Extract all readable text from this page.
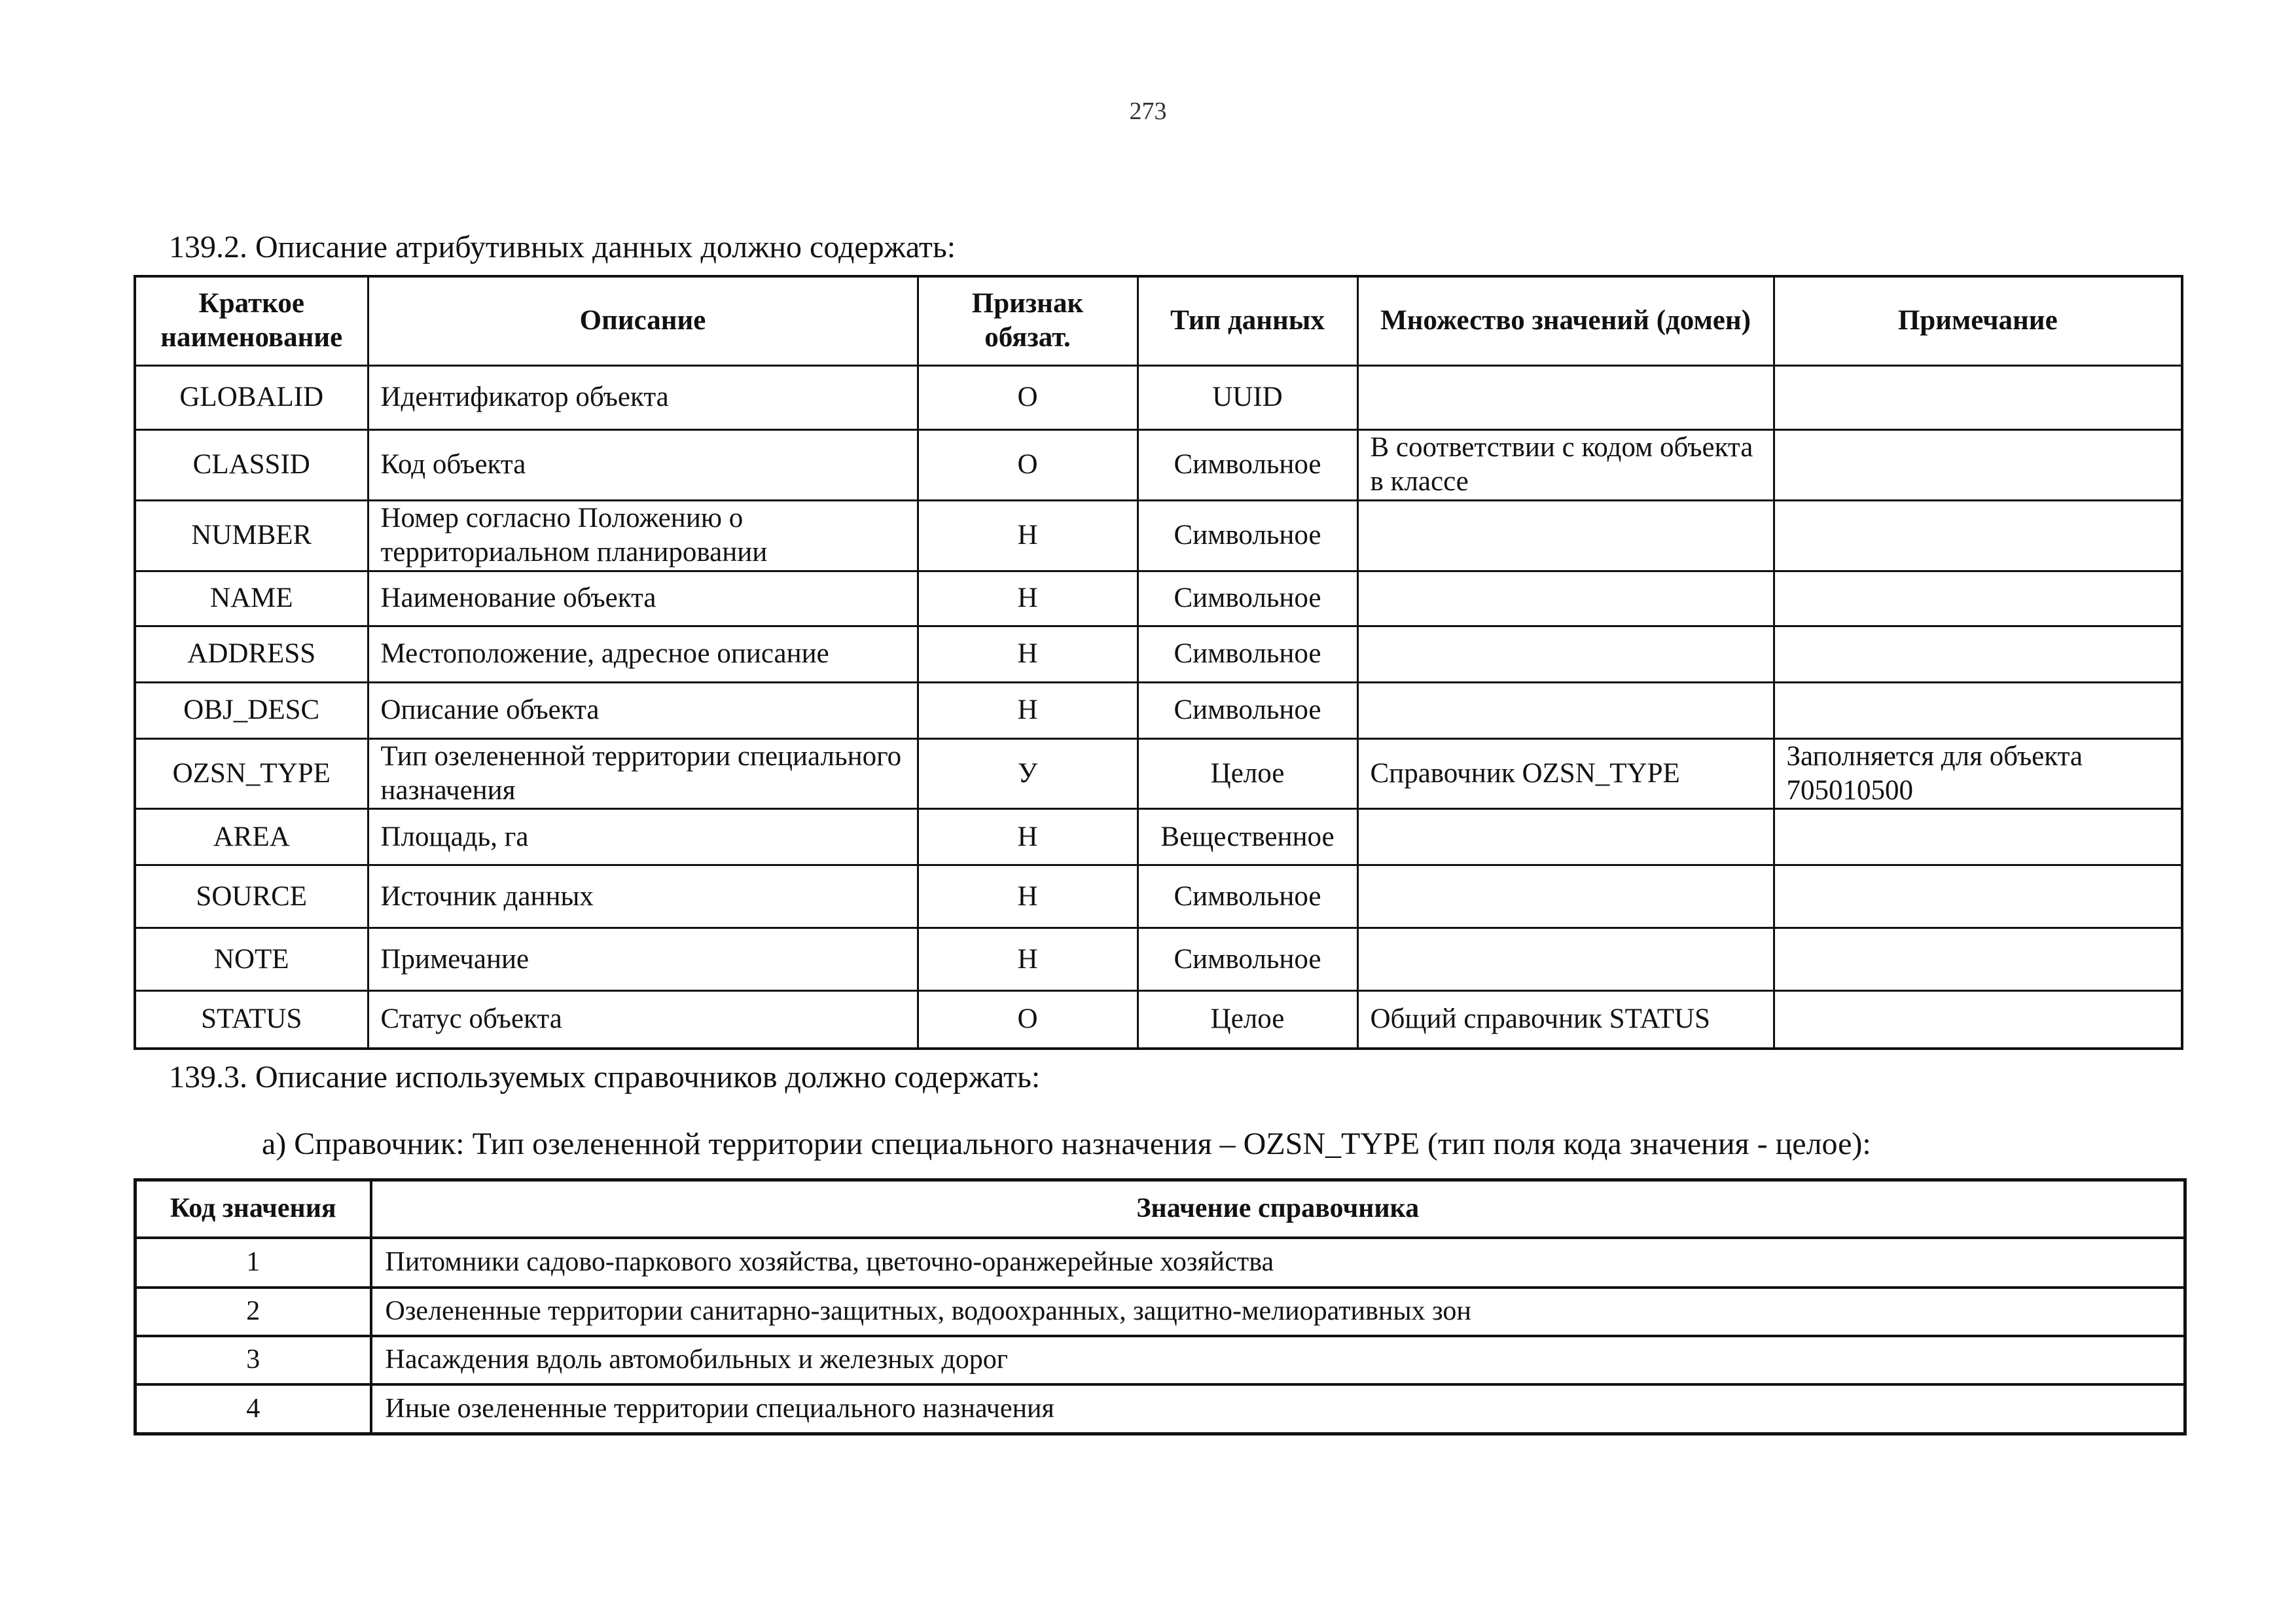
273
139.2. Описание атрибутивных данных должно содержать:
Краткое наименование	Описание	Признак обязат.	Тип данных	Множество значений (домен)	Примечание
GLOBALID	Идентификатор объекта	О	UUID		
CLASSID	Код объекта	О	Символьное	В соответствии с кодом объекта в классе	
NUMBER	Номер согласно Положению о территориальном планировании	Н	Символьное		
NAME	Наименование объекта	Н	Символьное		
ADDRESS	Местоположение, адресное описание	Н	Символьное		
OBJ_DESC	Описание объекта	Н	Символьное		
OZSN_TYPE	Тип озелененной территории специального назначения	У	Целое	Справочник OZSN_TYPE	Заполняется для объекта 705010500
AREA	Площадь, га	Н	Вещественное		
SOURCE	Источник данных	Н	Символьное		
NOTE	Примечание	Н	Символьное		
STATUS	Статус объекта	О	Целое	Общий справочник STATUS	
139.3. Описание используемых справочников должно содержать:
а) Справочник: Тип озелененной территории специального назначения – OZSN_TYPE (тип поля кода значения - целое):
Код значения	Значение справочника
1	Питомники садово-паркового хозяйства, цветочно-оранжерейные хозяйства
2	Озелененные территории санитарно-защитных, водоохранных, защитно-мелиоративных зон
3	Насаждения вдоль автомобильных и железных дорог
4	Иные озелененные территории специального назначения
